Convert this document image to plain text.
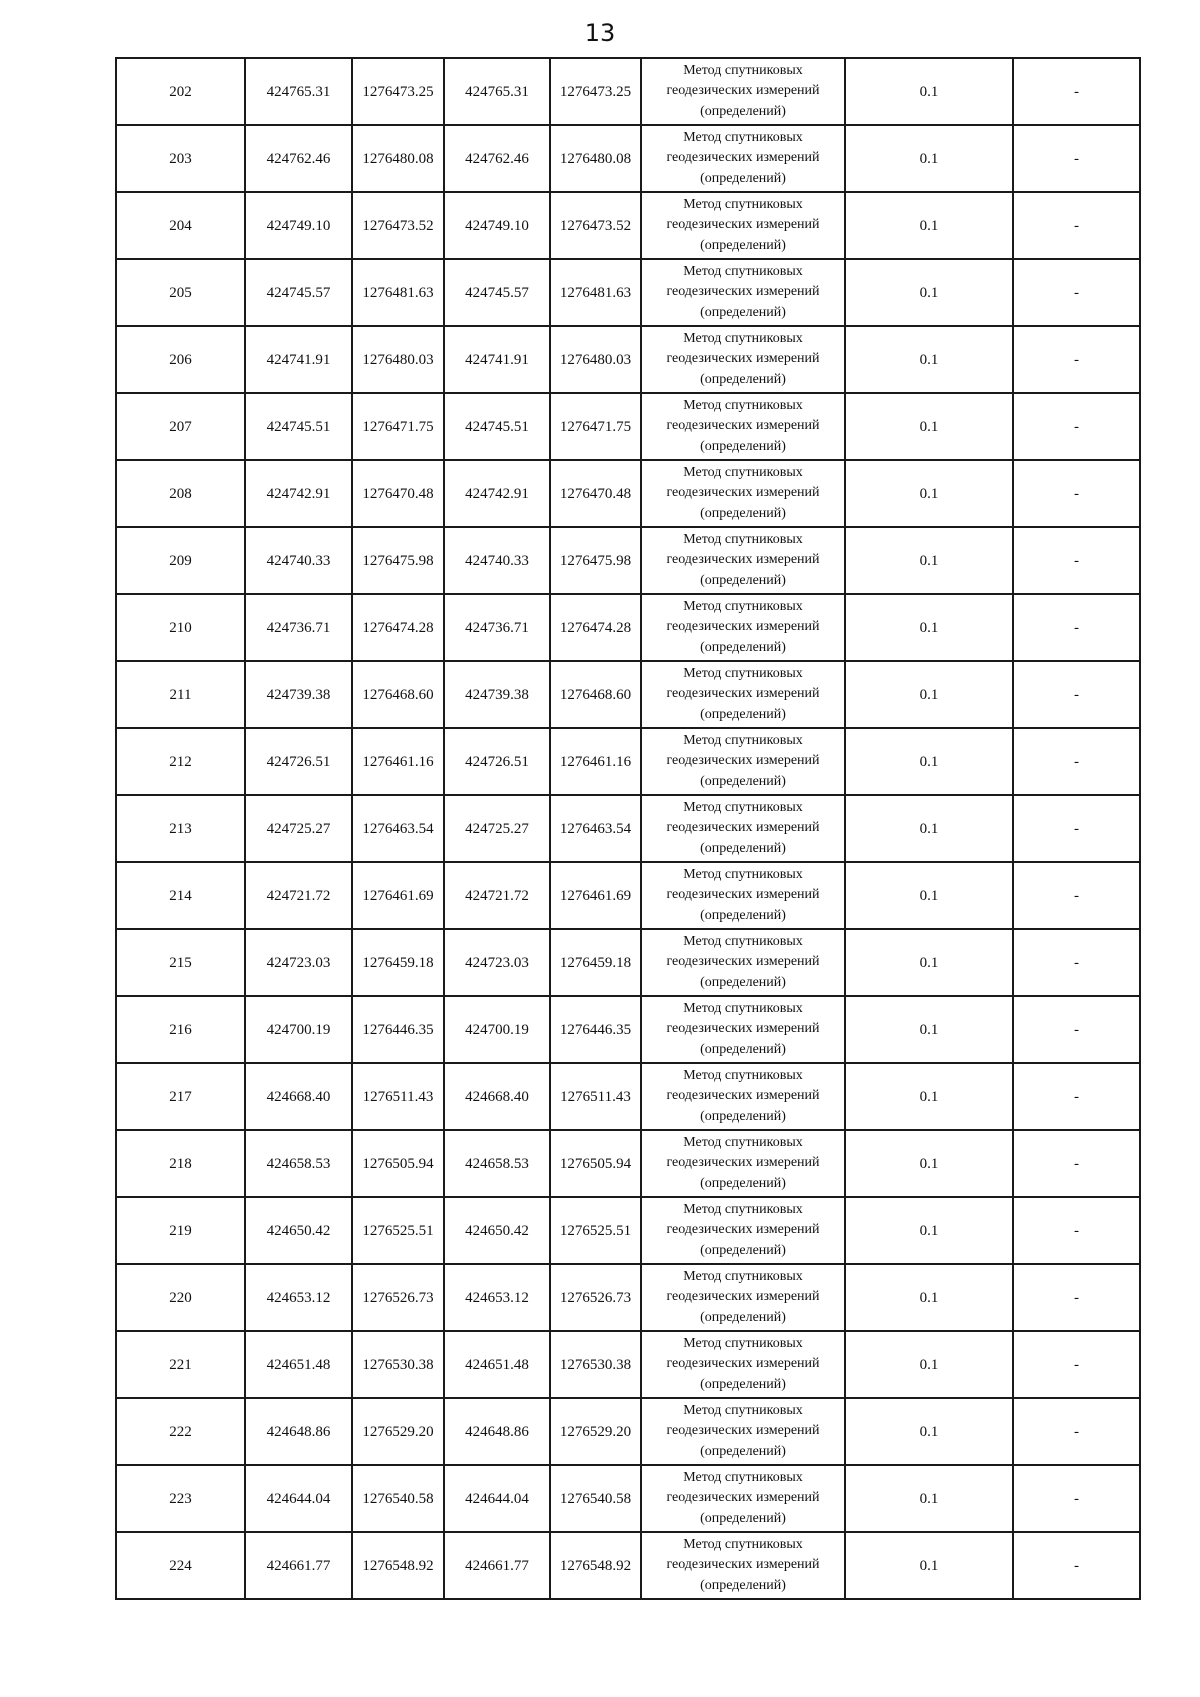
13
202	424765.31	1276473.25	424765.31	1276473.25	Метод спутниковых
геодезических измерений
(определений)	0.1	-
203	424762.46	1276480.08	424762.46	1276480.08	Метод спутниковых
геодезических измерений
(определений)	0.1	-
204	424749.10	1276473.52	424749.10	1276473.52	Метод спутниковых
геодезических измерений
(определений)	0.1	-
205	424745.57	1276481.63	424745.57	1276481.63	Метод спутниковых
геодезических измерений
(определений)	0.1	-
206	424741.91	1276480.03	424741.91	1276480.03	Метод спутниковых
геодезических измерений
(определений)	0.1	-
207	424745.51	1276471.75	424745.51	1276471.75	Метод спутниковых
геодезических измерений
(определений)	0.1	-
208	424742.91	1276470.48	424742.91	1276470.48	Метод спутниковых
геодезических измерений
(определений)	0.1	-
209	424740.33	1276475.98	424740.33	1276475.98	Метод спутниковых
геодезических измерений
(определений)	0.1	-
210	424736.71	1276474.28	424736.71	1276474.28	Метод спутниковых
геодезических измерений
(определений)	0.1	-
211	424739.38	1276468.60	424739.38	1276468.60	Метод спутниковых
геодезических измерений
(определений)	0.1	-
212	424726.51	1276461.16	424726.51	1276461.16	Метод спутниковых
геодезических измерений
(определений)	0.1	-
213	424725.27	1276463.54	424725.27	1276463.54	Метод спутниковых
геодезических измерений
(определений)	0.1	-
214	424721.72	1276461.69	424721.72	1276461.69	Метод спутниковых
геодезических измерений
(определений)	0.1	-
215	424723.03	1276459.18	424723.03	1276459.18	Метод спутниковых
геодезических измерений
(определений)	0.1	-
216	424700.19	1276446.35	424700.19	1276446.35	Метод спутниковых
геодезических измерений
(определений)	0.1	-
217	424668.40	1276511.43	424668.40	1276511.43	Метод спутниковых
геодезических измерений
(определений)	0.1	-
218	424658.53	1276505.94	424658.53	1276505.94	Метод спутниковых
геодезических измерений
(определений)	0.1	-
219	424650.42	1276525.51	424650.42	1276525.51	Метод спутниковых
геодезических измерений
(определений)	0.1	-
220	424653.12	1276526.73	424653.12	1276526.73	Метод спутниковых
геодезических измерений
(определений)	0.1	-
221	424651.48	1276530.38	424651.48	1276530.38	Метод спутниковых
геодезических измерений
(определений)	0.1	-
222	424648.86	1276529.20	424648.86	1276529.20	Метод спутниковых
геодезических измерений
(определений)	0.1	-
223	424644.04	1276540.58	424644.04	1276540.58	Метод спутниковых
геодезических измерений
(определений)	0.1	-
224	424661.77	1276548.92	424661.77	1276548.92	Метод спутниковых
геодезических измерений
(определений)	0.1	-
